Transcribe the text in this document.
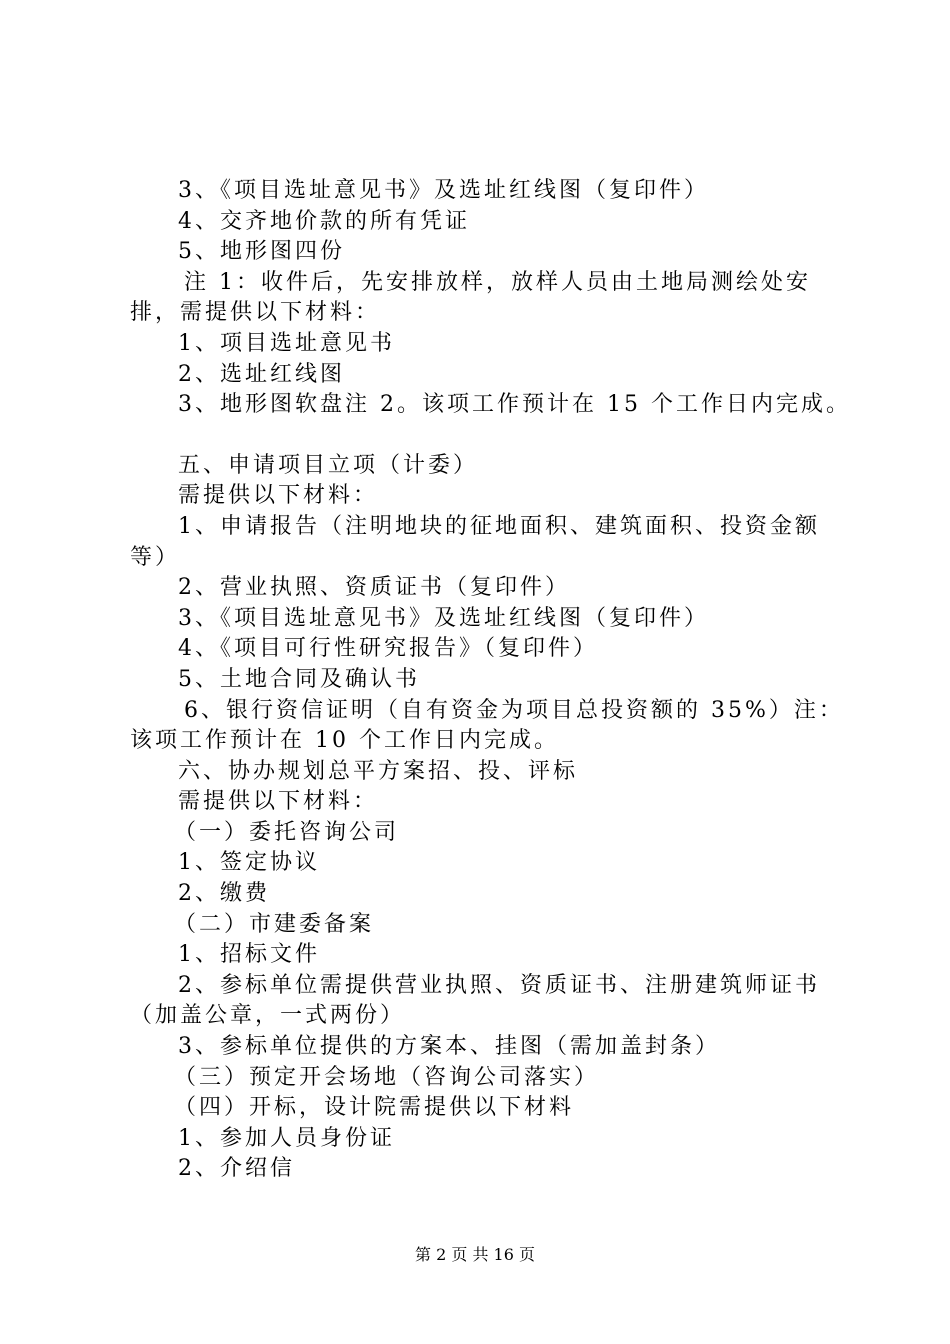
3、《项目选址意见书》及选址红线图（复印件）
4、交齐地价款的所有凭证
5、地形图四份
注 1：收件后，先安排放样，放样人员由土地局测绘处安
排，需提供以下材料：
1、项目选址意见书
2、选址红线图
3、地形图软盘注 2。该项工作预计在 15 个工作日内完成。
五、申请项目立项（计委）
需提供以下材料：
1、申请报告（注明地块的征地面积、建筑面积、投资金额
等）
2、营业执照、资质证书（复印件）
3、《项目选址意见书》及选址红线图（复印件）
4、《项目可行性研究报告》（复印件）
5、土地合同及确认书
6、银行资信证明（自有资金为项目总投资额的 35%）注：
该项工作预计在 10 个工作日内完成。
六、协办规划总平方案招、投、评标
需提供以下材料：
（一）委托咨询公司
1、签定协议
2、缴费
（二）市建委备案
1、招标文件
2、参标单位需提供营业执照、资质证书、注册建筑师证书
（加盖公章，一式两份）
3、参标单位提供的方案本、挂图（需加盖封条）
（三）预定开会场地（咨询公司落实）
（四）开标，设计院需提供以下材料
1、参加人员身份证
2、介绍信
第 2 页 共 16 页
